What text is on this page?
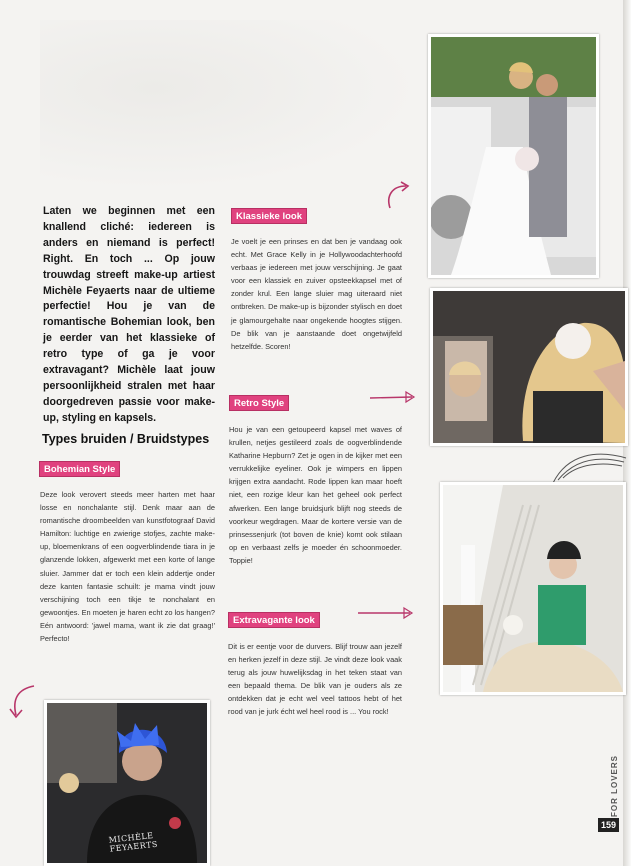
Laten we beginnen met een knallend cliché: iedereen is anders en niemand is perfect! Right. En toch ... Op jouw trouwdag streeft make-up artiest Michèle Feyaerts naar de ultieme perfectie! Hou je van de romantische Bohemian look, ben je eerder van het klassieke of retro type of ga je voor extravagant? Michèle laat jouw persoonlijkheid stralen met haar doorgedreven passie voor make-up, styling en kapsels.
Types bruiden / Bruidstypes
Bohemian Style
Deze look verovert steeds meer harten met haar losse en nonchalante stijl. Denk maar aan de romantische droombeelden van kunstfotograaf David Hamilton: luchtige en zwierige stofjes, zachte make-up, bloemenkrans of een oogverblindende tiara in je glanzende lokken, afgewerkt met een korte of lange sluier. Jammer dat er toch een klein addertje onder deze kanten fantasie schuilt: je mama vindt jouw verschijning toch een tikje te nonchalant en gewoontjes. En moeten je haren echt zo los hangen? Eén antwoord: 'jawel mama, want ik zie dat graag!' Perfecto!
Klassieke look
Je voelt je een prinses en dat ben je vandaag ook echt. Met Grace Kelly in je Hollywoodachterhoofd verbaas je iedereen met jouw verschijning. Je gaat voor een klassiek en zuiver opsteekkapsel met of zonder krul. Een lange sluier mag uiteraard niet ontbreken. De make-up is bijzonder stylisch en doet je glamourgehalte naar ongekende hoogtes stijgen. De blik van je aanstaande doet ongetwijfeld hetzelfde. Scoren!
Retro Style
Hou je van een getoupeerd kapsel met waves of krullen, netjes gestileerd zoals de oogverblindende Katharine Hepburn? Zet je ogen in de kijker met een verrukkelijke eyeliner. Ook je wimpers en lippen krijgen extra aandacht. Rode lippen kan maar hoeft niet, een rozige kleur kan het geheel ook perfect afwerken. Een lange bruidsjurk blijft nog steeds de voorkeur wegdragen. Maar de kortere versie van de prinsessenjurk (tot boven de knie) komt ook stilaan op en verbaast zelfs je moeder én schoonmoeder. Toppie!
Extravagante look
Dit is er eentje voor de durvers. Blijf trouw aan jezelf en herken jezelf in deze stijl. Je vindt deze look vaak terug als jouw huwelijksdag in het teken staat van een bepaald thema. De blik van je ouders als ze ontdekken dat je echt wel veel tattoos hebt of het rood van je jurk écht wel heel rood is ... You rock!
MICHÈLE FEYAERTS
FOR LOVERS
159
